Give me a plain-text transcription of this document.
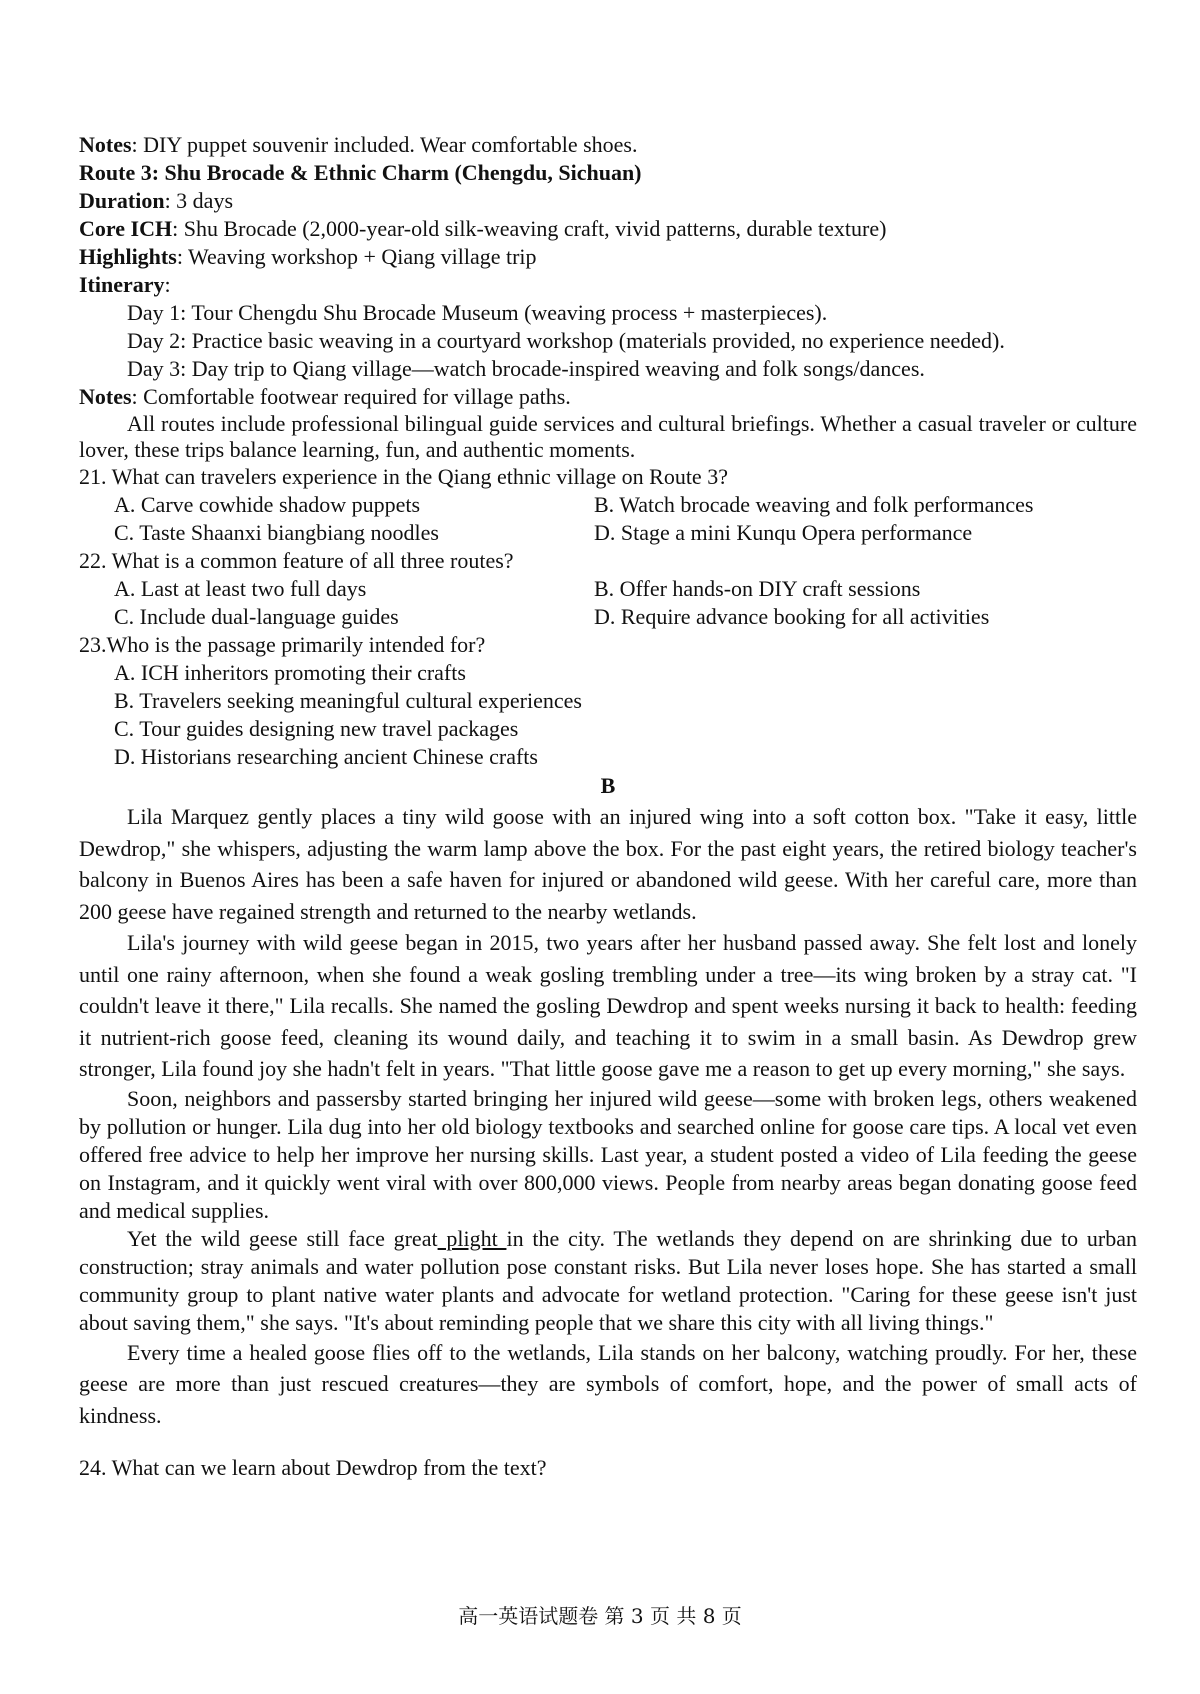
Notes: DIY puppet souvenir included. Wear comfortable shoes.
Route 3: Shu Brocade & Ethnic Charm (Chengdu, Sichuan)
Duration: 3 days
Core ICH: Shu Brocade (2,000-year-old silk-weaving craft, vivid patterns, durable texture)
Highlights: Weaving workshop + Qiang village trip
Itinerary:
Day 1: Tour Chengdu Shu Brocade Museum (weaving process + masterpieces).
Day 2: Practice basic weaving in a courtyard workshop (materials provided, no experience needed).
Day 3: Day trip to Qiang village—watch brocade-inspired weaving and folk songs/dances.
Notes: Comfortable footwear required for village paths.

All routes include professional bilingual guide services and cultural briefings. Whether a casual traveler or culture lover, these trips balance learning, fun, and authentic moments.

21. What can travelers experience in the Qiang ethnic village on Route 3?
A. Carve cowhide shadow puppets	B. Watch brocade weaving and folk performances
C. Taste Shaanxi biangbiang noodles	D. Stage a mini Kunqu Opera performance
22. What is a common feature of all three routes?
A. Last at least two full days	B. Offer hands-on DIY craft sessions
C. Include dual-language guides	D. Require advance booking for all activities
23.Who is the passage primarily intended for?
A. ICH inheritors promoting their crafts
B. Travelers seeking meaningful cultural experiences
C. Tour guides designing new travel packages
D. Historians researching ancient Chinese crafts
B

Lila Marquez gently places a tiny wild goose with an injured wing into a soft cotton box. "Take it easy, little Dewdrop," she whispers, adjusting the warm lamp above the box. For the past eight years, the retired biology teacher's balcony in Buenos Aires has been a safe haven for injured or abandoned wild geese. With her careful care, more than 200 geese have regained strength and returned to the nearby wetlands.

Lila's journey with wild geese began in 2015, two years after her husband passed away. She felt lost and lonely until one rainy afternoon, when she found a weak gosling trembling under a tree—its wing broken by a stray cat. "I couldn't leave it there," Lila recalls. She named the gosling Dewdrop and spent weeks nursing it back to health: feeding it nutrient-rich goose feed, cleaning its wound daily, and teaching it to swim in a small basin. As Dewdrop grew stronger, Lila found joy she hadn't felt in years. "That little goose gave me a reason to get up every morning," she says.

Soon, neighbors and passersby started bringing her injured wild geese—some with broken legs, others weakened by pollution or hunger. Lila dug into her old biology textbooks and searched online for goose care tips. A local vet even offered free advice to help her improve her nursing skills. Last year, a student posted a video of Lila feeding the geese on Instagram, and it quickly went viral with over 800,000 views. People from nearby areas began donating goose feed and medical supplies.

Yet the wild geese still face great plight in the city. The wetlands they depend on are shrinking due to urban construction; stray animals and water pollution pose constant risks. But Lila never loses hope. She has started a small community group to plant native water plants and advocate for wetland protection. "Caring for these geese isn't just about saving them," she says. "It's about reminding people that we share this city with all living things."

Every time a healed goose flies off to the wetlands, Lila stands on her balcony, watching proudly. For her, these geese are more than just rescued creatures—they are symbols of comfort, hope, and the power of small acts of kindness.

24. What can we learn about Dewdrop from the text?
高一英语试题卷 第 3 页 共 8 页
